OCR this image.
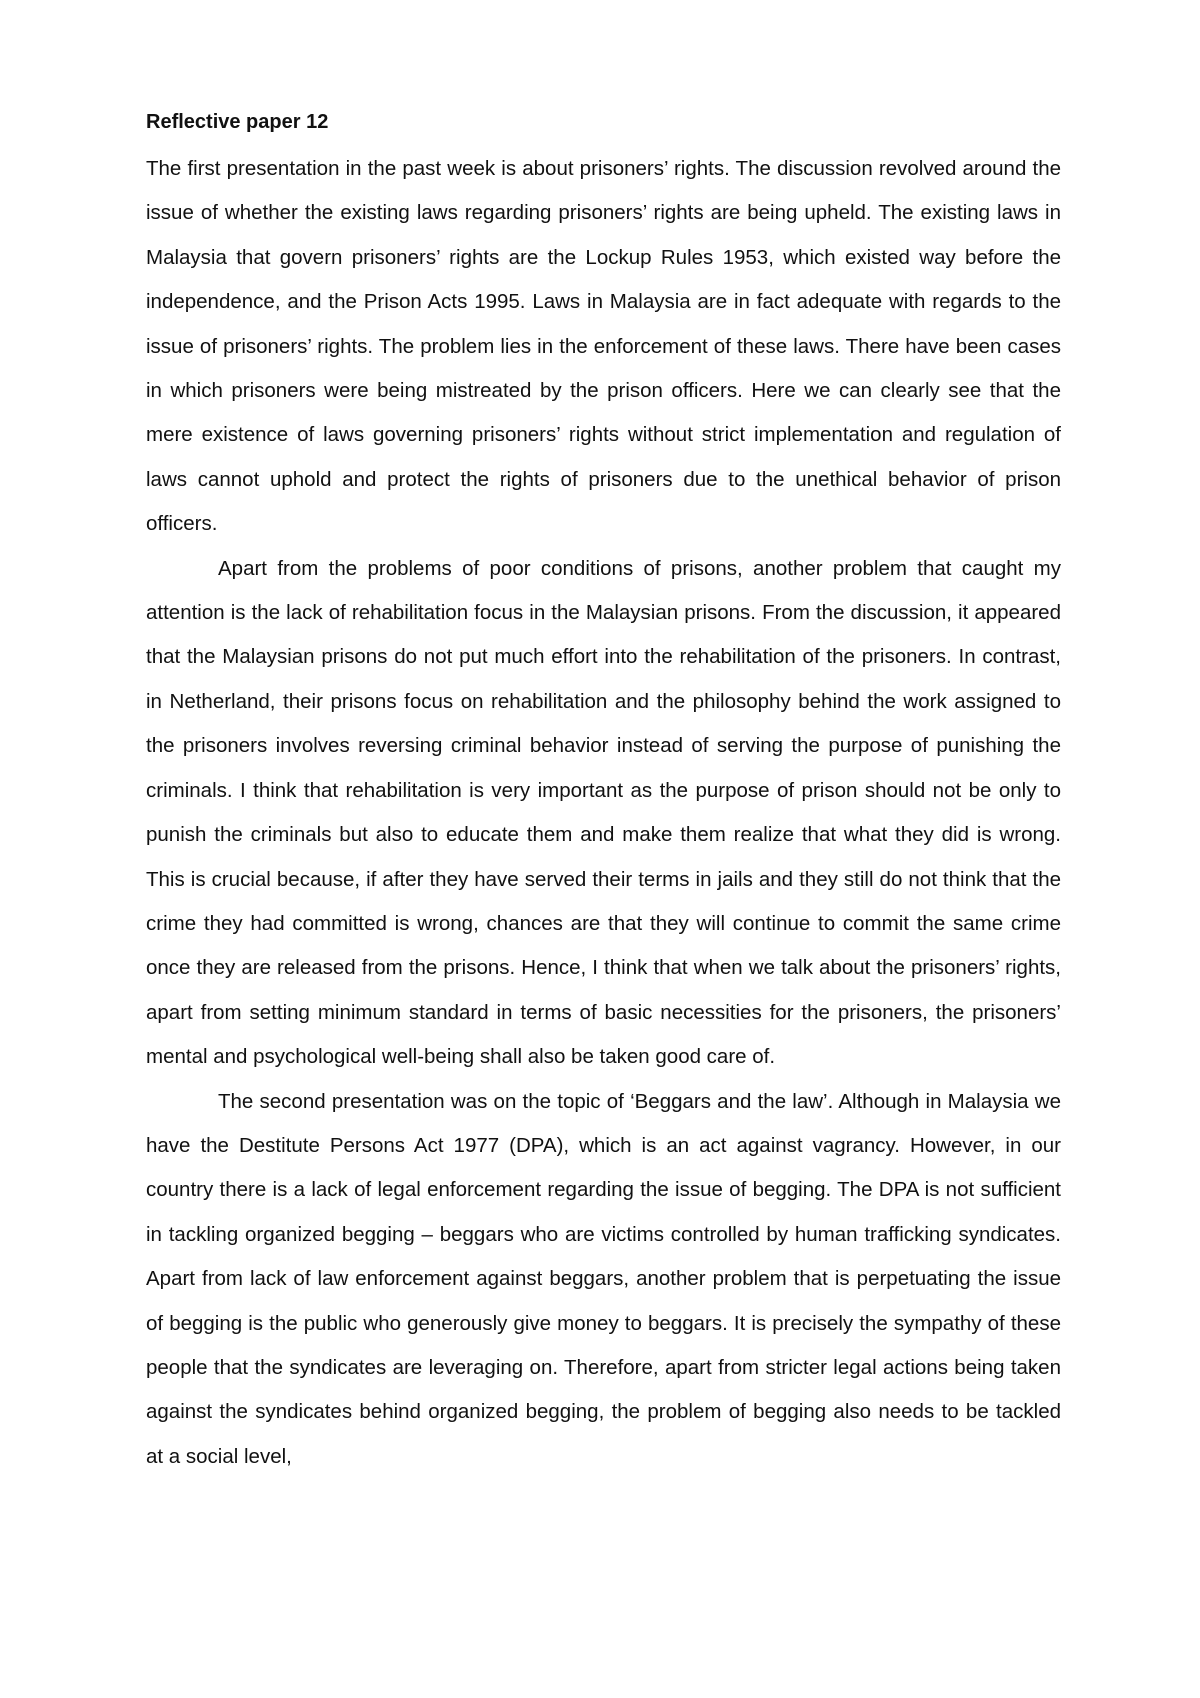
Reflective paper 12

The first presentation in the past week is about prisoners’ rights. The discussion revolved around the issue of whether the existing laws regarding prisoners’ rights are being upheld. The existing laws in Malaysia that govern prisoners’ rights are the Lockup Rules 1953, which existed way before the independence, and the Prison Acts 1995. Laws in Malaysia are in fact adequate with regards to the issue of prisoners’ rights. The problem lies in the enforcement of these laws. There have been cases in which prisoners were being mistreated by the prison officers. Here we can clearly see that the mere existence of laws governing prisoners’ rights without strict implementation and regulation of laws cannot uphold and protect the rights of prisoners due to the unethical behavior of prison officers.

Apart from the problems of poor conditions of prisons, another problem that caught my attention is the lack of rehabilitation focus in the Malaysian prisons. From the discussion, it appeared that the Malaysian prisons do not put much effort into the rehabilitation of the prisoners. In contrast, in Netherland, their prisons focus on rehabilitation and the philosophy behind the work assigned to the prisoners involves reversing criminal behavior instead of serving the purpose of punishing the criminals. I think that rehabilitation is very important as the purpose of prison should not be only to punish the criminals but also to educate them and make them realize that what they did is wrong. This is crucial because, if after they have served their terms in jails and they still do not think that the crime they had committed is wrong, chances are that they will continue to commit the same crime once they are released from the prisons. Hence, I think that when we talk about the prisoners’ rights, apart from setting minimum standard in terms of basic necessities for the prisoners, the prisoners’ mental and psychological well-being shall also be taken good care of.

The second presentation was on the topic of ‘Beggars and the law’. Although in Malaysia we have the Destitute Persons Act 1977 (DPA), which is an act against vagrancy. However, in our country there is a lack of legal enforcement regarding the issue of begging. The DPA is not sufficient in tackling organized begging – beggars who are victims controlled by human trafficking syndicates. Apart from lack of law enforcement against beggars, another problem that is perpetuating the issue of begging is the public who generously give money to beggars. It is precisely the sympathy of these people that the syndicates are leveraging on. Therefore, apart from stricter legal actions being taken against the syndicates behind organized begging, the problem of begging also needs to be tackled at a social level,
